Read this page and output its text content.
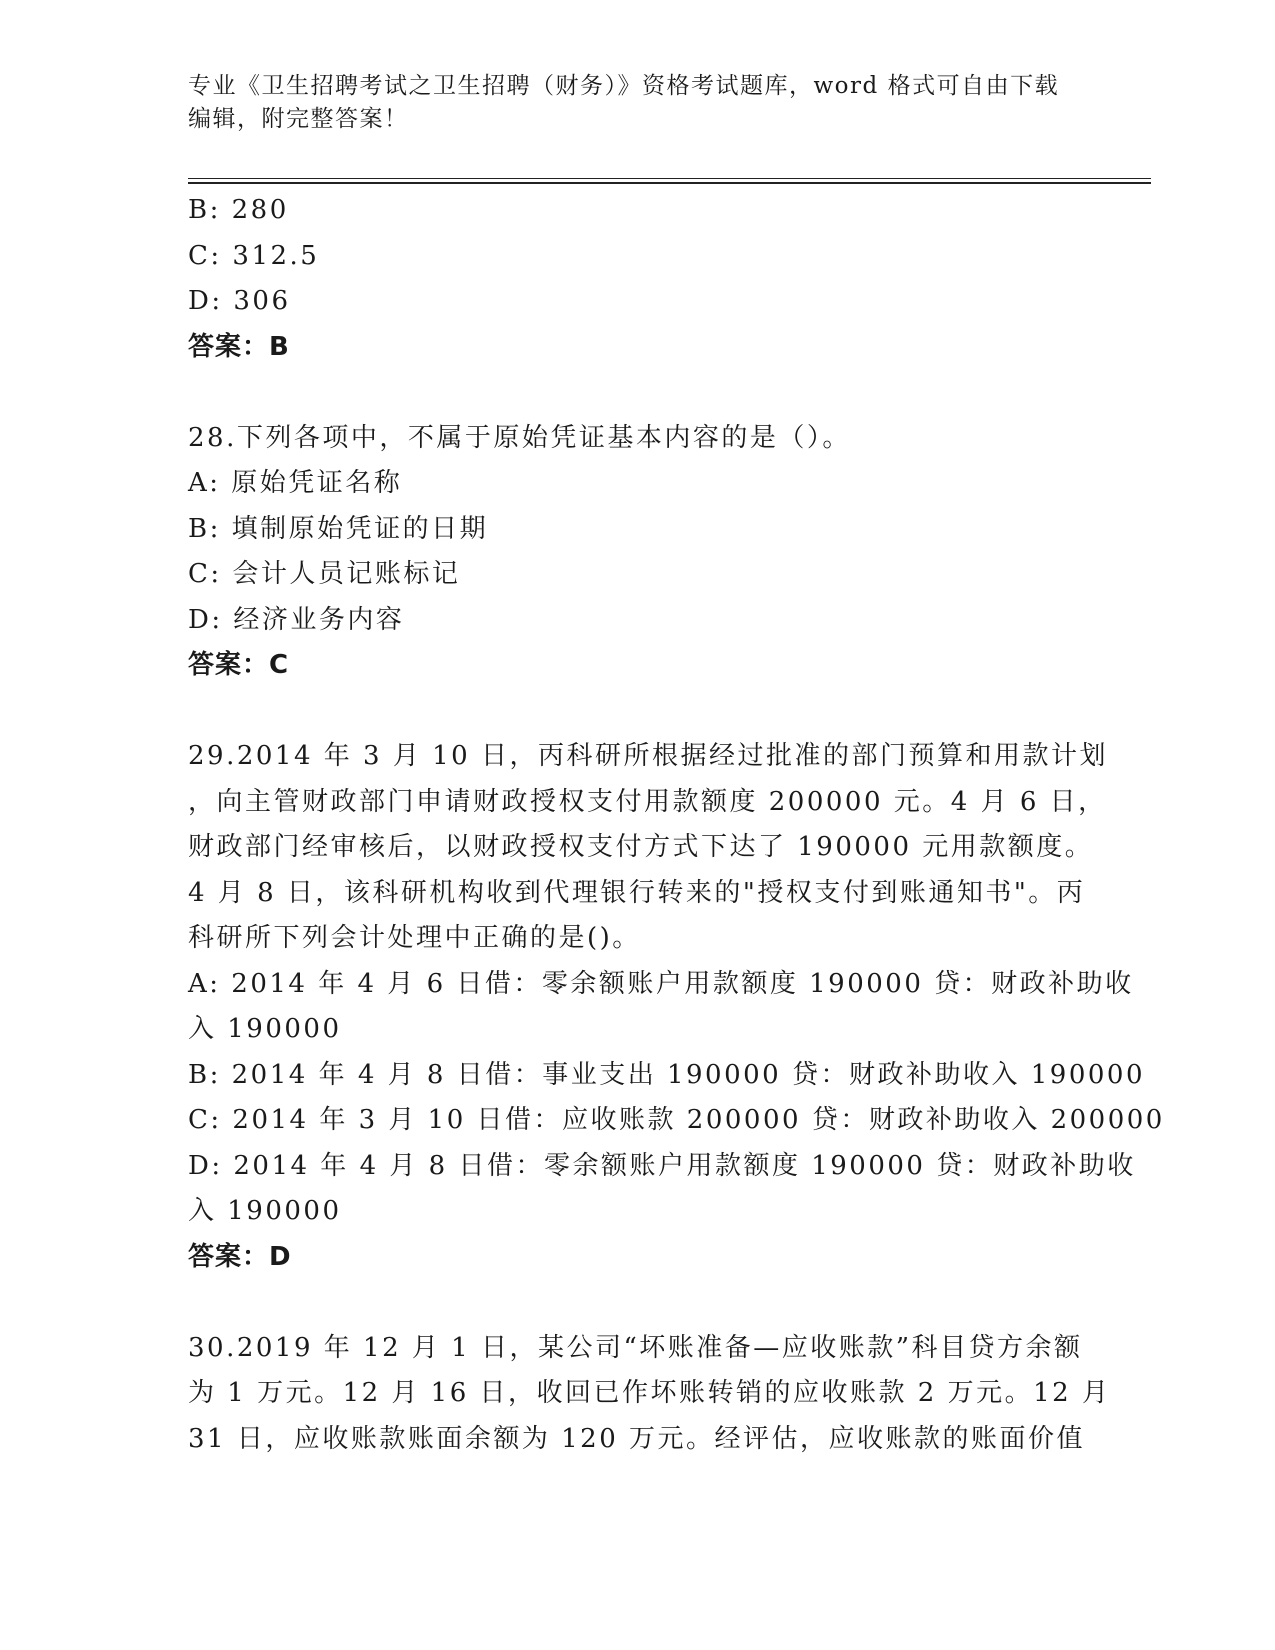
专业《卫生招聘考试之卫生招聘（财务）》资格考试题库，word 格式可自由下载
编辑，附完整答案！
B: 280
C: 312.5
D: 306
答案：B
28.下列各项中，不属于原始凭证基本内容的是（）。
A: 原始凭证名称
B: 填制原始凭证的日期
C: 会计人员记账标记
D: 经济业务内容
答案：C
29.2014 年 3 月 10 日，丙科研所根据经过批准的部门预算和用款计划
，向主管财政部门申请财政授权支付用款额度 200000 元。4 月 6 日，
财政部门经审核后，以财政授权支付方式下达了 190000 元用款额度。
4 月 8 日，该科研机构收到代理银行转来的"授权支付到账通知书"。丙
科研所下列会计处理中正确的是()。
A: 2014 年 4 月 6 日借：零余额账户用款额度 190000 贷：财政补助收
入 190000
B: 2014 年 4 月 8 日借：事业支出 190000 贷：财政补助收入 190000
C: 2014 年 3 月 10 日借：应收账款 200000 贷：财政补助收入 200000
D: 2014 年 4 月 8 日借：零余额账户用款额度 190000 贷：财政补助收
入 190000
答案：D
30.2019 年 12 月 1 日，某公司“坏账准备—应收账款”科目贷方余额
为 1 万元。12 月 16 日，收回已作坏账转销的应收账款 2 万元。12 月
31 日，应收账款账面余额为 120 万元。经评估，应收账款的账面价值
